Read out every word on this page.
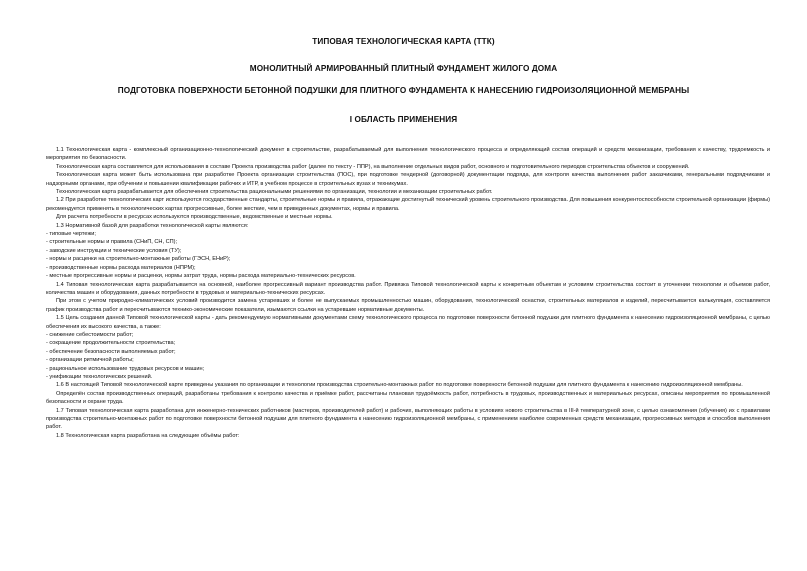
ТИПОВАЯ ТЕХНОЛОГИЧЕСКАЯ КАРТА (ТТК)
МОНОЛИТНЫЙ АРМИРОВАННЫЙ ПЛИТНЫЙ ФУНДАМЕНТ ЖИЛОГО ДОМА
ПОДГОТОВКА ПОВЕРХНОСТИ БЕТОННОЙ ПОДУШКИ ДЛЯ ПЛИТНОГО ФУНДАМЕНТА К НАНЕСЕНИЮ ГИДРОИЗОЛЯЦИОННОЙ МЕМБРАНЫ
I ОБЛАСТЬ ПРИМЕНЕНИЯ

1.1 Технологическая карта - комплексный организационно-технологический документ в строительстве, разрабатываемый для выполнения технологического процесса и определяющий состав операций и средств механизации, требования к качеству, трудоемкость и мероприятия по безопасности.

Технологическая карта составляется для использования в составе Проекта производства работ (далее по тексту - ППР), на выполнение отдельных видов работ, основного и подготовительного периодов строительства объектов и сооружений.

Технологическая карта может быть использована при разработке Проекта организации строительства (ПОС), при подготовке тендерной (договорной) документации подряда, для контроля качества выполнения работ заказчиками, генеральными подрядчиками и надзорными органами, при обучении и повышении квалификации рабочих и ИТР, в учебном процессе в строительных вузах и техникумах.

Технологическая карта разрабатывается для обеспечения строительства рациональными решениями по организации, технологии и механизации строительных работ.

1.2 При разработке технологических карт используются государственные стандарты, строительные нормы и правила, отражающие достигнутый технический уровень строительного производства. Для повышения конкурентоспособности строительной организации (фирмы) рекомендуется применять в технологических картах прогрессивные, более жесткие, чем в приведенных документах, нормы и правила.

Для расчета потребности в ресурсах используются производственные, ведомственные и местные нормы.

1.3 Нормативной базой для разработки технологической карты являются:

- типовые чертежи;

- строительные нормы и правила (СНиП, СН, СП);

- заводские инструкции и технические условия (ТУ);

- нормы и расценки на строительно-монтажные работы (ГЭСН, ЕНиР);

- производственные нормы расхода материалов (НПРМ);

- местные прогрессивные нормы и расценки, нормы затрат труда, нормы расхода материально-технических ресурсов.

1.4 Типовая технологическая карта разрабатывается на основной, наиболее прогрессивный вариант производства работ. Привязка Типовой технологической карты к конкретным объектам и условиям строительства состоит в уточнении технологии и объемов работ, количества машин и оборудования, данных потребности в трудовых и материально-технических ресурсах.

При этом с учетом природно-климатических условий производится замена устаревших и более не выпускаемых промышленностью машин, оборудования, технологической оснастки, строительных материалов и изделий, пересчитывается калькуляция, составляется график производства работ и пересчитываются технико-экономические показатели, изымаются ссылки на устаревшие нормативные документы.

1.5 Цель создания данной Типовой технологической карты - дать рекомендуемую нормативными документами схему технологического процесса по подготовке поверхности бетонной подушки для плитного фундамента к нанесению гидроизоляционной мембраны, с целью обеспечения их высокого качества, а также:

- снижение себестоимости работ;

- сокращение продолжительности строительства;

- обеспечение безопасности выполняемых работ;

- организации ритмичной работы;

- рациональное использование трудовых ресурсов и машин;

- унификации технологических решений.

1.6 В настоящей Типовой технологической карте приведены указания по организации и технологии производства строительно-монтажных работ по подготовке поверхности бетонной подушки для плитного фундамента к нанесению гидроизоляционной мембраны.

Определён состав производственных операций, разработаны требования к контролю качества и приёмке работ, рассчитаны плановая трудоёмкость работ, потребность в трудовых, производственных и материальных ресурсах, описаны мероприятия по промышленной безопасности и охране труда.

1.7 Типовая технологическая карта разработана для инженерно-технических работников (мастеров, производителей работ) и рабочих, выполняющих работы в условиях нового строительства в III-й температурной зоне, с целью ознакомления (обучения) их с правилами производства строительно-монтажных работ по подготовке поверхности бетонной подушки для плитного фундамента к нанесению гидроизоляционной мембраны, с применением наиболее современных средств механизации, прогрессивных методов и способов выполнения работ.

1.8 Технологическая карта разработана на следующие объёмы работ:
